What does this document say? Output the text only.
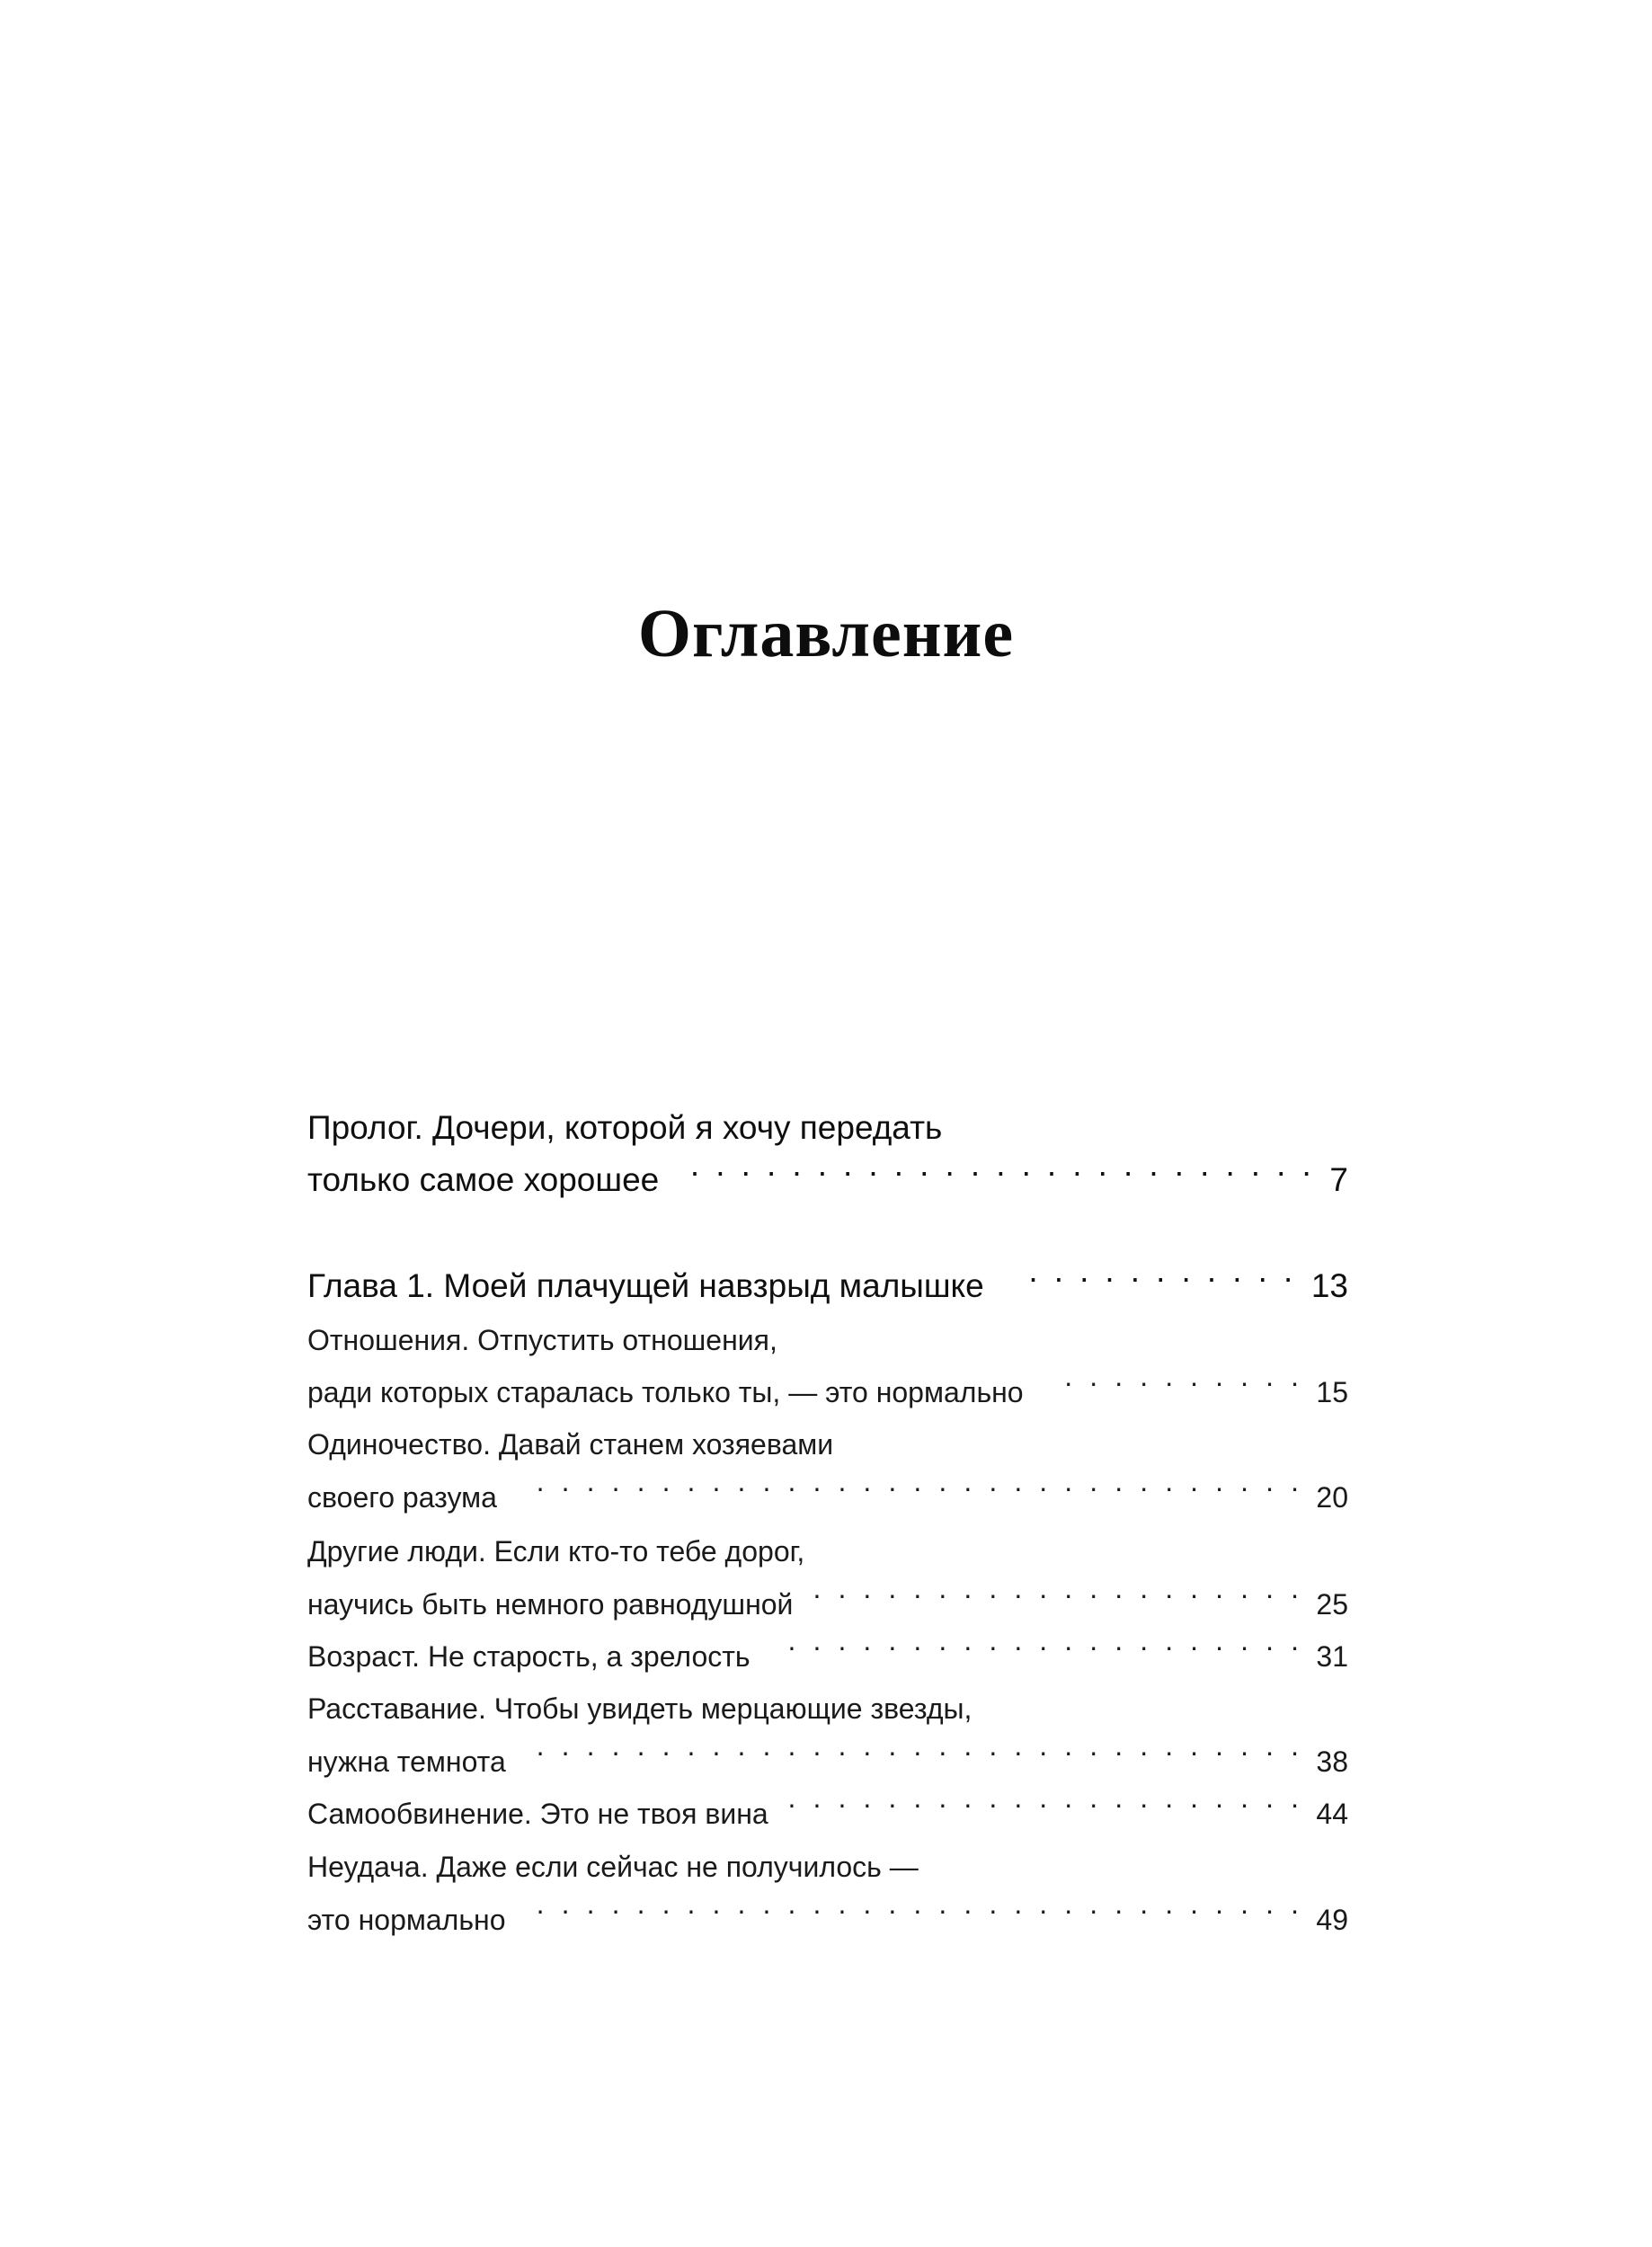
Оглавление
Пролог. Дочери, которой я хочу передать
только самое хорошее . . .	7
Глава 1. Моей плачущей навзрыд малышке . . .	13
Отношения. Отпустить отношения,
ради которых старалась только ты, — это нормально . . .	15
Одиночество. Давай станем хозяевами
своего разума . . .	20
Другие люди. Если кто-то тебе дорог,
научись быть немного равнодушной . . .	25
Возраст. Не старость, а зрелость . . .	31
Расставание. Чтобы увидеть мерцающие звезды,
нужна темнота . . .	38
Самообвинение. Это не твоя вина . . .	44
Неудача. Даже если сейчас не получилось —
это нормально . . .	49
